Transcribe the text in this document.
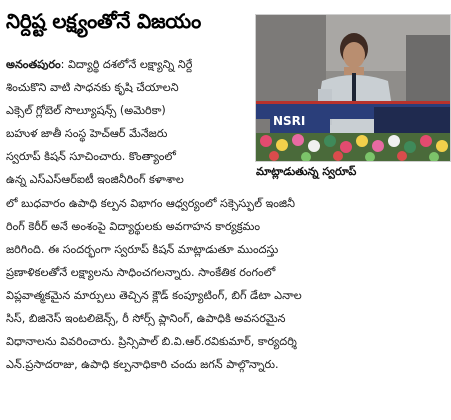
నిర్దిష్ట లక్ష్యంతోనే విజయం
NSRI
మాట్లాడుతున్న స్వరూప్
అనంతపురం: విద్యార్థి దశలోనే లక్ష్యాన్ని నిర్దే
శించుకొని వాటి సాధనకు కృషి చేయాలని
ఎక్సెల్ గ్లోబెల్ సొల్యూషన్స్ (అమెరికా)
బహుళ జాతీ సంస్థ హెచ్ఆర్ మేనేజరు
స్వరూప్ కిషన్ సూచించారు. కొంత్యాంలో
ఉన్న ఎస్ఎస్ఆర్ఐటీ ఇంజినీరింగ్ కళాశాల
లో బుధవారం ఉపాధి కల్పన విభాగం ఆధ్వర్యంలో సక్సెస్ఫుల్ ఇంజినీ
రింగ్ కెరీర్ అనే అంశంపై విద్యార్థులకు అవగాహన కార్యక్రమం
జరిగింది. ఈ సందర్భంగా స్వరూప్ కిషన్ మాట్లాడుతూ ముందస్తు
ప్రణాళికలతోనే లక్ష్యాలను సాధించగలన్నారు. సాంకేతిక రంగంలో
విప్లవాత్మకమైన మార్పులు తెచ్చిన క్లౌడ్ కంప్యూటింగ్, బిగ్ డేటా ఎనాల
సిస్, బిజినెస్ ఇంటలిజెన్స్, రీ సోర్స్ ప్లానింగ్, ఉపాధికి అవసరమైన
విధానాలను వివరించారు. ప్రిన్సిపాల్ బి.వి.ఆర్.రవికుమార్, కార్యదర్శి
ఎన్.ప్రసాదరాజు, ఉపాధి కల్పనాధికారి చందు జగన్ పాల్గొన్నారు.
